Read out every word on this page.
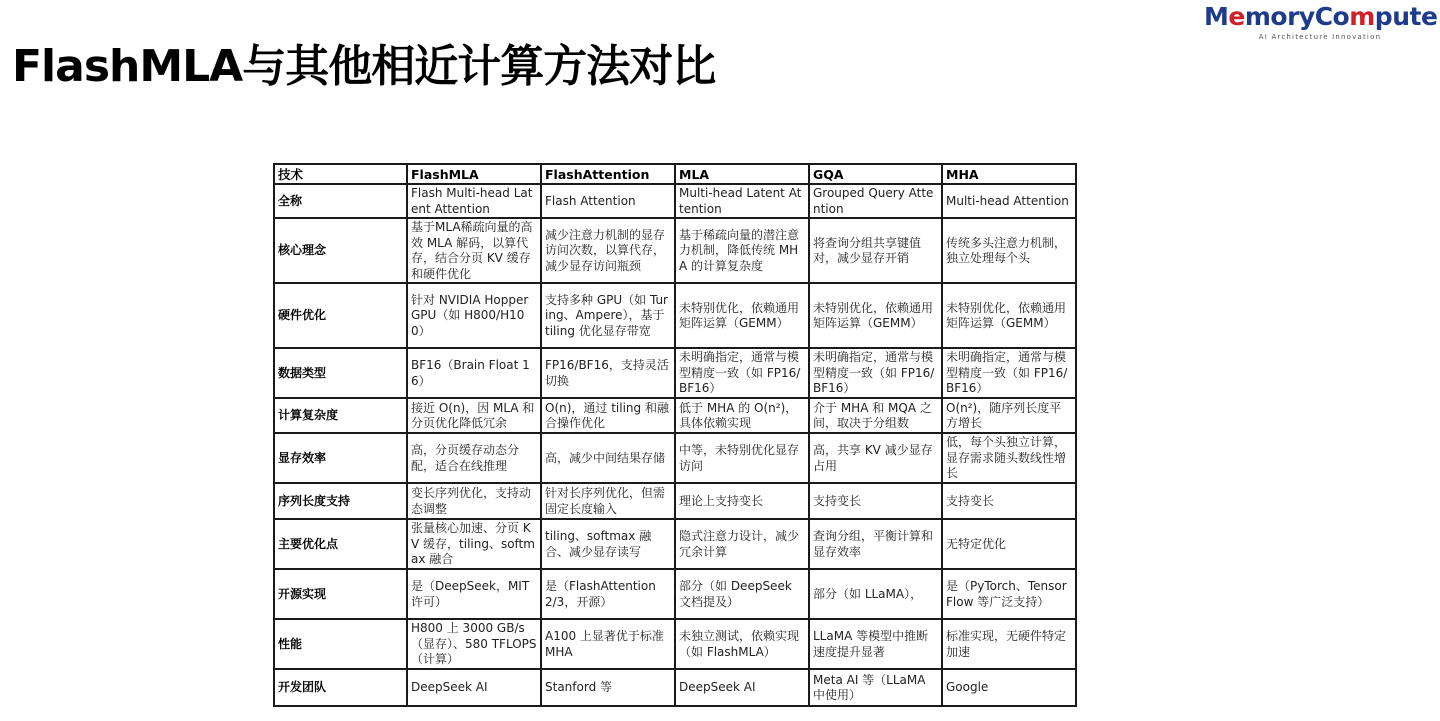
FlashMLA与其他相近计算方法对比
MemoryCompute
AI Architecture Innovation
技术	FlashMLA	FlashAttention	MLA	GQA	MHA
全称	Flash Multi-head Latent Attention	Flash Attention	Multi-head Latent Attention	Grouped Query Attention	Multi-head Attention
核心理念	基于MLA稀疏向量的高效 MLA 解码，以算代存，结合分页 KV 缓存和硬件优化	减少注意力机制的显存访问次数，以算代存，减少显存访问瓶颈	基于稀疏向量的潜注意力机制，降低传统 MHA 的计算复杂度	将查询分组共享键值对，减少显存开销	传统多头注意力机制，独立处理每个头
硬件优化	针对 NVIDIA Hopper GPU（如 H800/H100）	支持多种 GPU（如 Turing、Ampere），基于 tiling 优化显存带宽	未特别优化，依赖通用矩阵运算（GEMM）	未特别优化，依赖通用矩阵运算（GEMM）	未特别优化，依赖通用矩阵运算（GEMM）
数据类型	BF16（Brain Float 16）	FP16/BF16，支持灵活切换	未明确指定，通常与模型精度一致（如 FP16/BF16）	未明确指定，通常与模型精度一致（如 FP16/BF16）	未明确指定，通常与模型精度一致（如 FP16/BF16）
计算复杂度	接近 O(n)，因 MLA 和分页优化降低冗余	O(n)，通过 tiling 和融合操作优化	低于 MHA 的 O(n²)，具体依赖实现	介于 MHA 和 MQA 之间，取决于分组数	O(n²)，随序列长度平方增长
显存效率	高，分页缓存动态分配，适合在线推理	高，减少中间结果存储	中等，未特别优化显存访问	高，共享 KV 减少显存占用	低，每个头独立计算，显存需求随头数线性增长
序列长度支持	变长序列优化，支持动态调整	针对长序列优化，但需固定长度输入	理论上支持变长	支持变长	支持变长
主要优化点	张量核心加速、分页 KV 缓存，tiling、softmax 融合	tiling、softmax 融合、减少显存读写	隐式注意力设计，减少冗余计算	查询分组，平衡计算和显存效率	无特定优化
开源实现	是（DeepSeek，MIT 许可）	是（FlashAttention 2/3，开源）	部分（如 DeepSeek 文档提及）	部分（如 LLaMA），	是（PyTorch、TensorFlow 等广泛支持）
性能	H800 上 3000 GB/s（显存）、580 TFLOPS（计算）	A100 上显著优于标准 MHA	未独立测试，依赖实现（如 FlashMLA）	LLaMA 等模型中推断速度提升显著	标准实现，无硬件特定加速
开发团队	DeepSeek AI	Stanford 等	DeepSeek AI	Meta AI 等（LLaMA 中使用）	Google
